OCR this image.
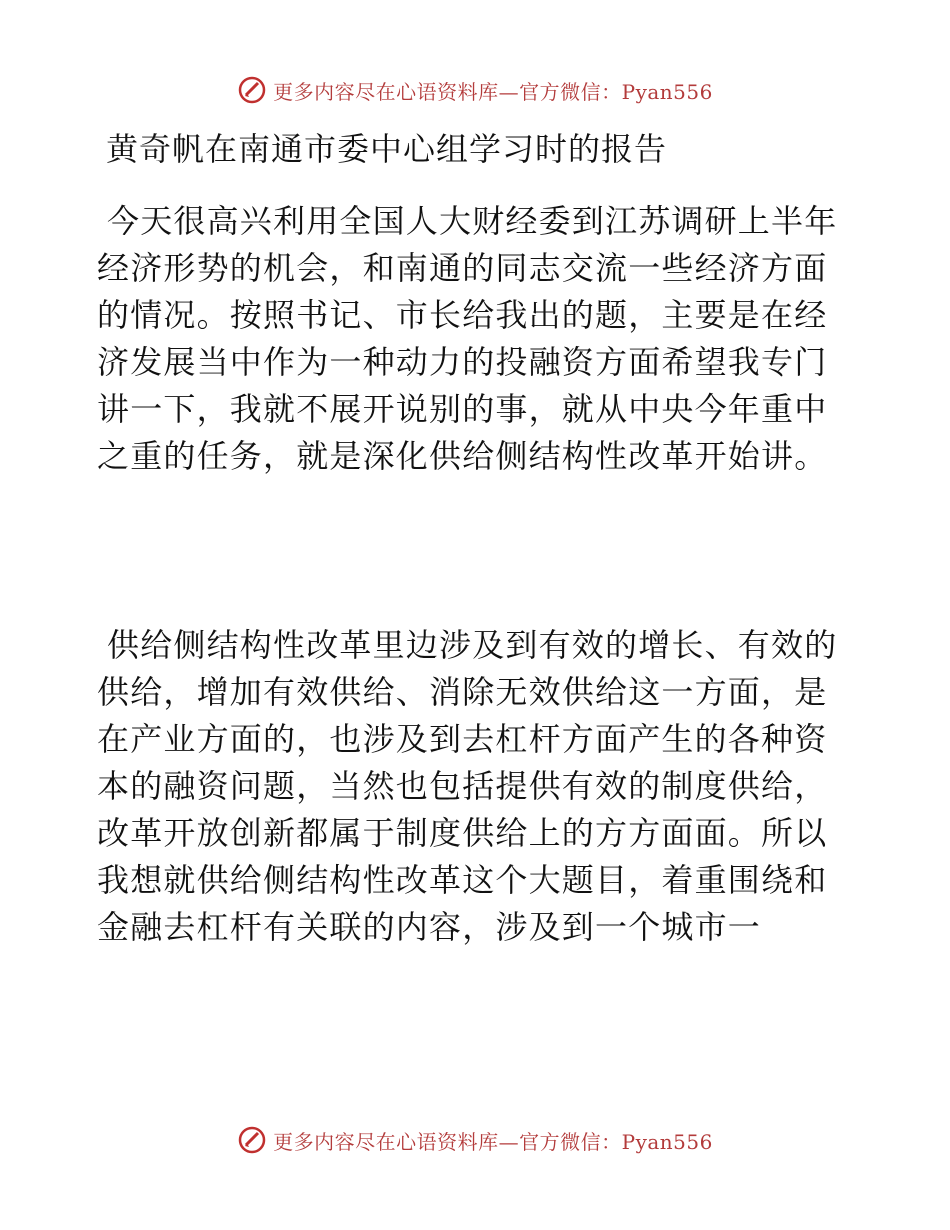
更多内容尽在心语资料库—官方微信：Pyan556
黄奇帆在南通市委中心组学习时的报告
今天很高兴利用全国人大财经委到江苏调研上半年经济形势的机会，和南通的同志交流一些经济方面的情况。按照书记、市长给我出的题，主要是在经济发展当中作为一种动力的投融资方面希望我专门讲一下，我就不展开说别的事，就从中央今年重中之重的任务，就是深化供给侧结构性改革开始讲。
供给侧结构性改革里边涉及到有效的增长、有效的供给，增加有效供给、消除无效供给这一方面，是在产业方面的，也涉及到去杠杆方面产生的各种资本的融资问题，当然也包括提供有效的制度供给，改革开放创新都属于制度供给上的方方面面。所以我想就供给侧结构性改革这个大题目，着重围绕和金融去杠杆有关联的内容，涉及到一个城市一
更多内容尽在心语资料库—官方微信：Pyan556
